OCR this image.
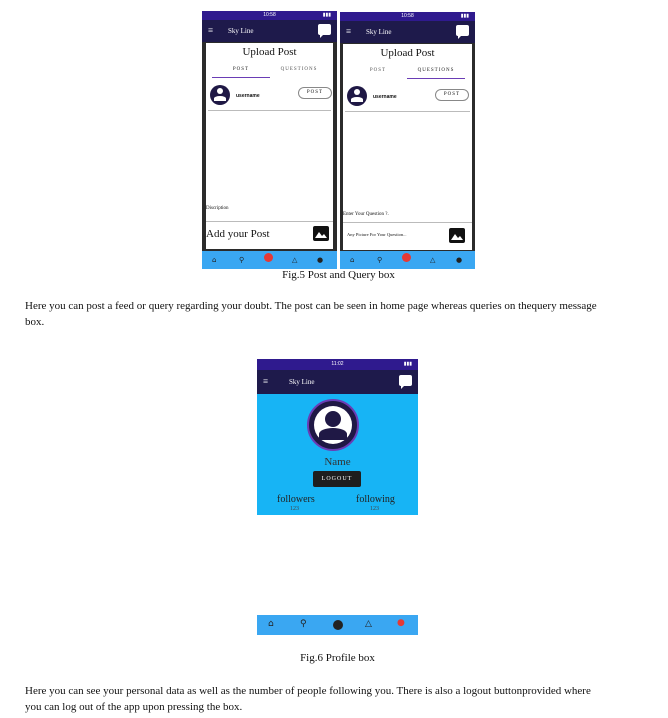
10:58	▮▮▮
≡ Sky Line
Upload Post
POST	QUESTIONS
username
POST
Discription
Add your Post
⌂	⚲	△	●
10:58	▮▮▮
≡ Sky Line
Upload Post
POST	QUESTIONS
username	POST
Enter Your Question ?.
Any Picture For Your Question...
⌂	⚲	△	●
Fig.5 Post and Query box
Here you can post a feed or query regarding your doubt. The post can be seen in home page whereas queries on thequery message
box.
11:02	▮▮▮
≡	Sky Line
Name
LOGOUT
followers
123
following
123
⌂	⚲	△	●
Fig.6 Profile box
Here you can see your personal data as well as the number of people following you. There is also a logout buttonprovided where
you can log out of the app upon pressing the box.
